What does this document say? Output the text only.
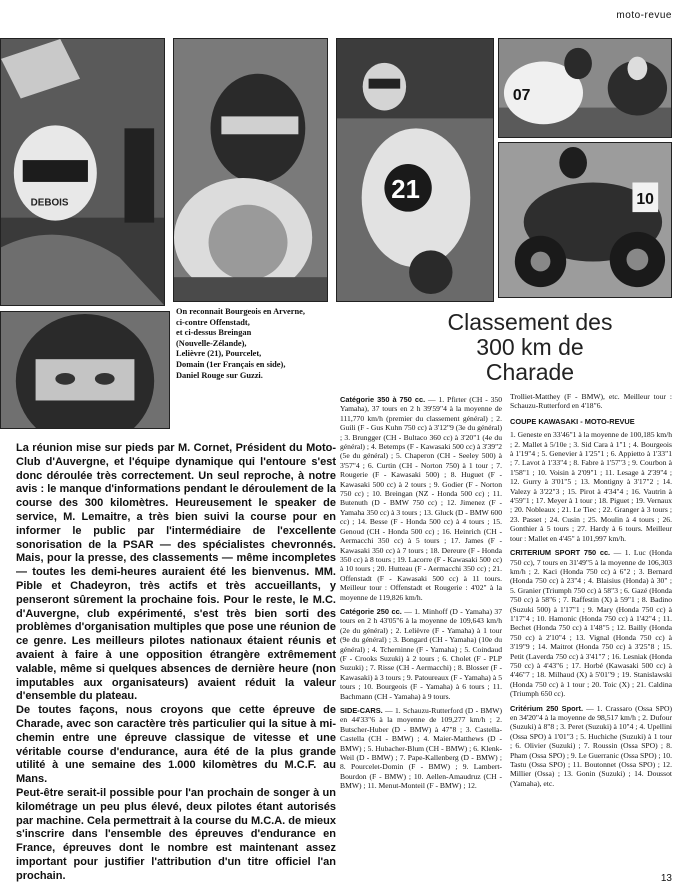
moto-revue
DEBOIS	21
07
10

On reconnait Bourgeois en Arverne,

ci-contre Offenstadt,

et ci-dessus Breingan

(Nouvelle-Zélande),

Lelièvre (21), Pourcelet,

Domain (1er Français en side),

Daniel Rouge sur Guzzi.

Classement des
300 km de
Charade

La réunion mise sur pieds par M. Cornet, Président du Moto-Club d'Auvergne, et l'équipe dynamique qui l'entoure s'est donc déroulée très correctement. Un seul reproche, à notre avis : le manque d'informations pendant le déroulement de la course des 300 kilomètres. Heureusement le speaker de service, M. Lemaitre, a très bien suivi la course pour en informer le public par l'intermédiaire de l'excellente sonorisation de la PSAR — des spécialistes chevronnés. Mais, pour la presse, des classements — même incompletes — toutes les demi-heures auraient été les bienvenus. MM. Pible et Chadeyron, très actifs et très accueillants, y penseront sûrement la prochaine fois. Pour le reste, le M.C. d'Auvergne, club expérimenté, s'est très bien sorti des problèmes d'organisation multiples que pose une réunion de ce genre. Les meilleurs pilotes nationaux étaient réunis et avaient à faire à une opposition étrangère extrêmement valable, même si quelques absences de dernière heure (non imputables aux organisateurs) avaient réduit la valeur d'ensemble du plateau.

De toutes façons, nous croyons que cette épreuve de Charade, avec son caractère très particulier qui la situe à mi-chemin entre une épreuve classique de vitesse et une véritable course d'endurance, aura été de la plus grande utilité à une semaine des 1.000 kilomètres du M.C.F. au Mans.

Peut-être serait-il possible pour l'an prochain de songer à un kilométrage un peu plus élevé, deux pilotes étant autorisés par machine. Cela permettrait à la course du M.C.A. de mieux s'inscrire dans l'ensemble des épreuves d'endurance en France, épreuves dont le nombre est maintenant assez important pour justifier l'attribution d'un titre officiel l'an prochain.

Catégorie 350 à 750 cc. — 1. Pfirter (CH - 350 Yamaha), 37 tours en 2 h 39'59"4 à la moyenne de 111,770 km/h (premier du classement général) ; 2. Guili (F - Gus Kuhn 750 cc) à 3'12"9 (3e du général) ; 3. Brungger (CH - Bultaco 360 cc) à 3'20"1 (4e du général) ; 4. Betemps (F - Kawasaki 500 cc) à 3'39"2 (5e du général) ; 5. Chaperon (CH - Seeley 500) à 3'57"4 ; 6. Curtin (CH - Norton 750) à 1 tour ; 7. Rougerie (F - Kawasaki 500) ; 8. Huguet (F - Kawasaki 500 cc) à 2 tours ; 9. Godier (F - Norton 750 cc) ; 10. Breingan (NZ - Honda 500 cc) ; 11. Butenuth (D - BMW 750 cc) ; 12. Jimenez (F - Yamaha 350 cc) à 3 tours ; 13. Gluck (D - BMW 600 cc) ; 14. Besse (F - Honda 500 cc) à 4 tours ; 15. Genoud (CH - Honda 500 cc) ; 16. Heinrich (CH - Aermacchi 350 cc) à 5 tours ; 17. James (F - Kawasaki 350 cc) à 7 tours ; 18. Dereure (F - Honda 350 cc) à 8 tours ; 19. Lacorre (F - Kawasaki 500 cc) à 10 tours ; 20. Hutteau (F - Aermacchi 350 cc) ; 21. Offenstadt (F - Kawasaki 500 cc) à 11 tours. Meilleur tour : Offenstadt et Rougerie : 4'02" à la moyenne de 119,826 km/h.

Catégorie 250 cc. — 1. Minhoff (D - Yamaha) 37 tours en 2 h 43'05"6 à la moyenne de 109,643 km/h (2e du général) ; 2. Lelièvre (F - Yamaha) à 1 tour (9e du général) ; 3. Bongard (CH - Yamaha) (10e du général) ; 4. Tcherninne (F - Yamaha) ; 5. Coindaud (F - Crooks Suzuki) à 2 tours ; 6. Cholet (F - PLP Suzuki) ; 7. Risse (CH - Aermacchi) ; 8. Blosser (F - Kawasaki) à 3 tours ; 9. Patoureaux (F - Yamaha) à 5 tours ; 10. Bourgeois (F - Yamaha) à 6 tours ; 11. Bachmann (CH - Yamaha) à 9 tours.

SIDE-CARS. — 1. Schauzu-Rutterford (D - BMW) en 44'33"6 à la moyenne de 109,277 km/h ; 2. Butscher-Huber (D - BMW) à 47"8 ; 3. Castella-Castella (CH - BMW) ; 4. Maier-Matthews (D - BMW) ; 5. Hubacher-Blum (CH - BMW) ; 6. Klenk-Weil (D - BMW) ; 7. Pape-Kallenberg (D - BMW) ; 8. Pourcelet-Domin (F - BMW) ; 9. Lambert-Bourdon (F - BMW) ; 10. Aellen-Amaudruz (CH - BMW) ; 11. Menut-Monteil (F - BMW) ; 12.

Trolliet-Matthey (F - BMW), etc. Meilleur tour : Schauzu-Rutterford en 4'18"6.

COUPE KAWASAKI - MOTO-REVUE

1. Geneste en 33'46"1 à la moyenne de 100,185 km/h ; 2. Mallet à 5/10e ; 3. Sid Cara à 1"1 ; 4. Bourgeois à 1'19"4 ; 5. Genevier à 1'25"1 ; 6. Appietto à 1'33"1 ; 7. Lavot à 1'33"4 ; 8. Fabre à 1'57"3 ; 9. Courbon à 1'58"1 ; 10. Voisin à 2'09"1 ; 11. Lesage à 2'39"4 ; 12. Gurry à 3'01"5 ; 13. Montigny à 3'17"2 ; 14. Valezy à 3'22"3 ; 15. Pirot à 4'34"4 ; 16. Vautrin à 4'59"1 ; 17. Meyer à 1 tour ; 18. Piguet ; 19. Vernaux ; 20. Nobleaux ; 21. Le Tiec ; 22. Granger à 3 tours ; 23. Passet ; 24. Cusin ; 25. Moulin à 4 tours ; 26. Gonthier à 5 tours ; 27. Hardy à 6 tours. Meilleur tour : Mallet en 4'45" à 101,997 km/h.

CRITERIUM SPORT 750 cc. — 1. Luc (Honda 750 cc), 7 tours en 31'49"5 à la moyenne de 106,303 km/h ; 2. Kaci (Honda 750 cc) à 6"2 ; 3. Bernard (Honda 750 cc) à 23"4 ; 4. Blaisius (Honda) à 30" ; 5. Granier (Triumph 750 cc) à 58"3 ; 6. Gazé (Honda 750 cc) à 58"6 ; 7. Raffestin (X) à 59"1 ; 8. Badino (Suzuki 500) à 1'17"1 ; 9. Mary (Honda 750 cc) à 1'17"4 ; 10. Hamonic (Honda 750 cc) à 1'42"4 ; 11. Bechet (Honda 750 cc) à 1'48"5 ; 12. Bailly (Honda 750 cc) à 2'10"4 ; 13. Vignal (Honda 750 cc) à 3'19"9 ; 14. Maitrot (Honda 750 cc) à 3'25"8 ; 15. Petit (Laverda 750 cc) à 3'41"7 ; 16. Lesniak (Honda 750 cc) à 4'43"6 ; 17. Horbé (Kawasaki 500 cc) à 4'46"7 ; 18. Milhaud (X) à 5'01"9 ; 19. Stanislawski (Honda 750 cc) à 1 tour ; 20. Toic (X) ; 21. Caldina (Triumph 650 cc).

Critérium 250 Sport. — 1. Crassaro (Ossa SPO) en 34'20"4 à la moyenne de 98,517 km/h ; 2. Dufour (Suzuki) à 8"8 ; 3. Peret (Suzuki) à 10"4 ; 4. Upellini (Ossa SPO) à 1'01"3 ; 5. Huchiche (Suzuki) à 1 tour ; 6. Olivier (Suzuki) ; 7. Roussin (Ossa SPO) ; 8. Pham (Ossa SPO) ; 9. Le Guerranic (Ossa SPO) ; 10. Tastu (Ossa SPO) ; 11. Boutonnet (Ossa SPO) ; 12. Millier (Ossa) ; 13. Gonin (Suzuki) ; 14. Doussot (Yamaha), etc.

13
